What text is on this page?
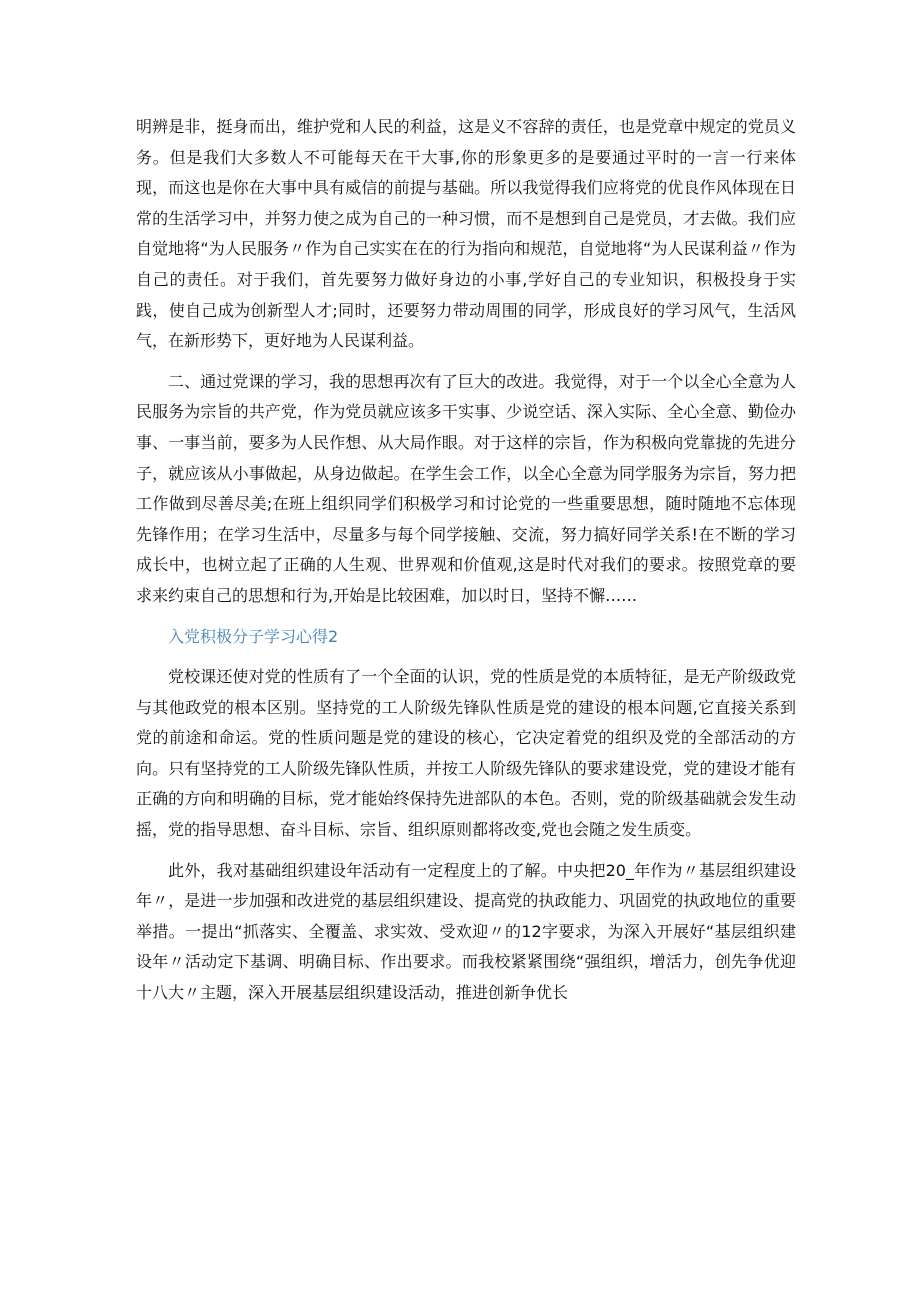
明辨是非，挺身而出，维护党和人民的利益，这是义不容辞的责任，也是党章中规定的党员义务。但是我们大多数人不可能每天在干大事,你的形象更多的是要通过平时的一言一行来体现，而这也是你在大事中具有威信的前提与基础。所以我觉得我们应将党的优良作风体现在日常的生活学习中，并努力使之成为自己的一种习惯，而不是想到自己是党员，才去做。我们应自觉地将“为人民服务〃作为自己实实在在的行为指向和规范，自觉地将“为人民谋利益〃作为自己的责任。对于我们，首先要努力做好身边的小事,学好自己的专业知识，积极投身于实践，使自己成为创新型人才;同时，还要努力带动周围的同学，形成良好的学习风气，生活风气，在新形势下，更好地为人民谋利益。

二、通过党课的学习，我的思想再次有了巨大的改进。我觉得，对于一个以全心全意为人民服务为宗旨的共产党，作为党员就应该多干实事、少说空话、深入实际、全心全意、勤俭办事、一事当前，要多为人民作想、从大局作眼。对于这样的宗旨，作为积极向党靠拢的先进分子，就应该从小事做起，从身边做起。在学生会工作，以全心全意为同学服务为宗旨，努力把工作做到尽善尽美;在班上组织同学们积极学习和讨论党的一些重要思想，随时随地不忘体现先锋作用；在学习生活中，尽量多与每个同学接触、交流，努力搞好同学关系!在不断的学习成长中，也树立起了正确的人生观、世界观和价值观,这是时代对我们的要求。按照党章的要求来约束自己的思想和行为,开始是比较困难，加以时日，坚持不懈……

入党积极分子学习心得2

党校课还使对党的性质有了一个全面的认识，党的性质是党的本质特征，是无产阶级政党与其他政党的根本区别。坚持党的工人阶级先锋队性质是党的建设的根本问题,它直接关系到党的前途和命运。党的性质问题是党的建设的核心，它决定着党的组织及党的全部活动的方向。只有坚持党的工人阶级先锋队性质，并按工人阶级先锋队的要求建设党，党的建设才能有正确的方向和明确的目标，党才能始终保持先进部队的本色。否则，党的阶级基础就会发生动摇，党的指导思想、奋斗目标、宗旨、组织原则都将改变,党也会随之发生质变。

此外，我对基础组织建设年活动有一定程度上的了解。中央把20_年作为〃基层组织建设年〃，是进一步加强和改进党的基层组织建设、提高党的执政能力、巩固党的执政地位的重要举措。一提出“抓落实、全覆盖、求实效、受欢迎〃的12字要求，为深入开展好“基层组织建设年〃活动定下基调、明确目标、作出要求。而我校紧紧围绕“强组织，增活力，创先争优迎十八大〃主题，深入开展基层组织建设活动，推进创新争优长
